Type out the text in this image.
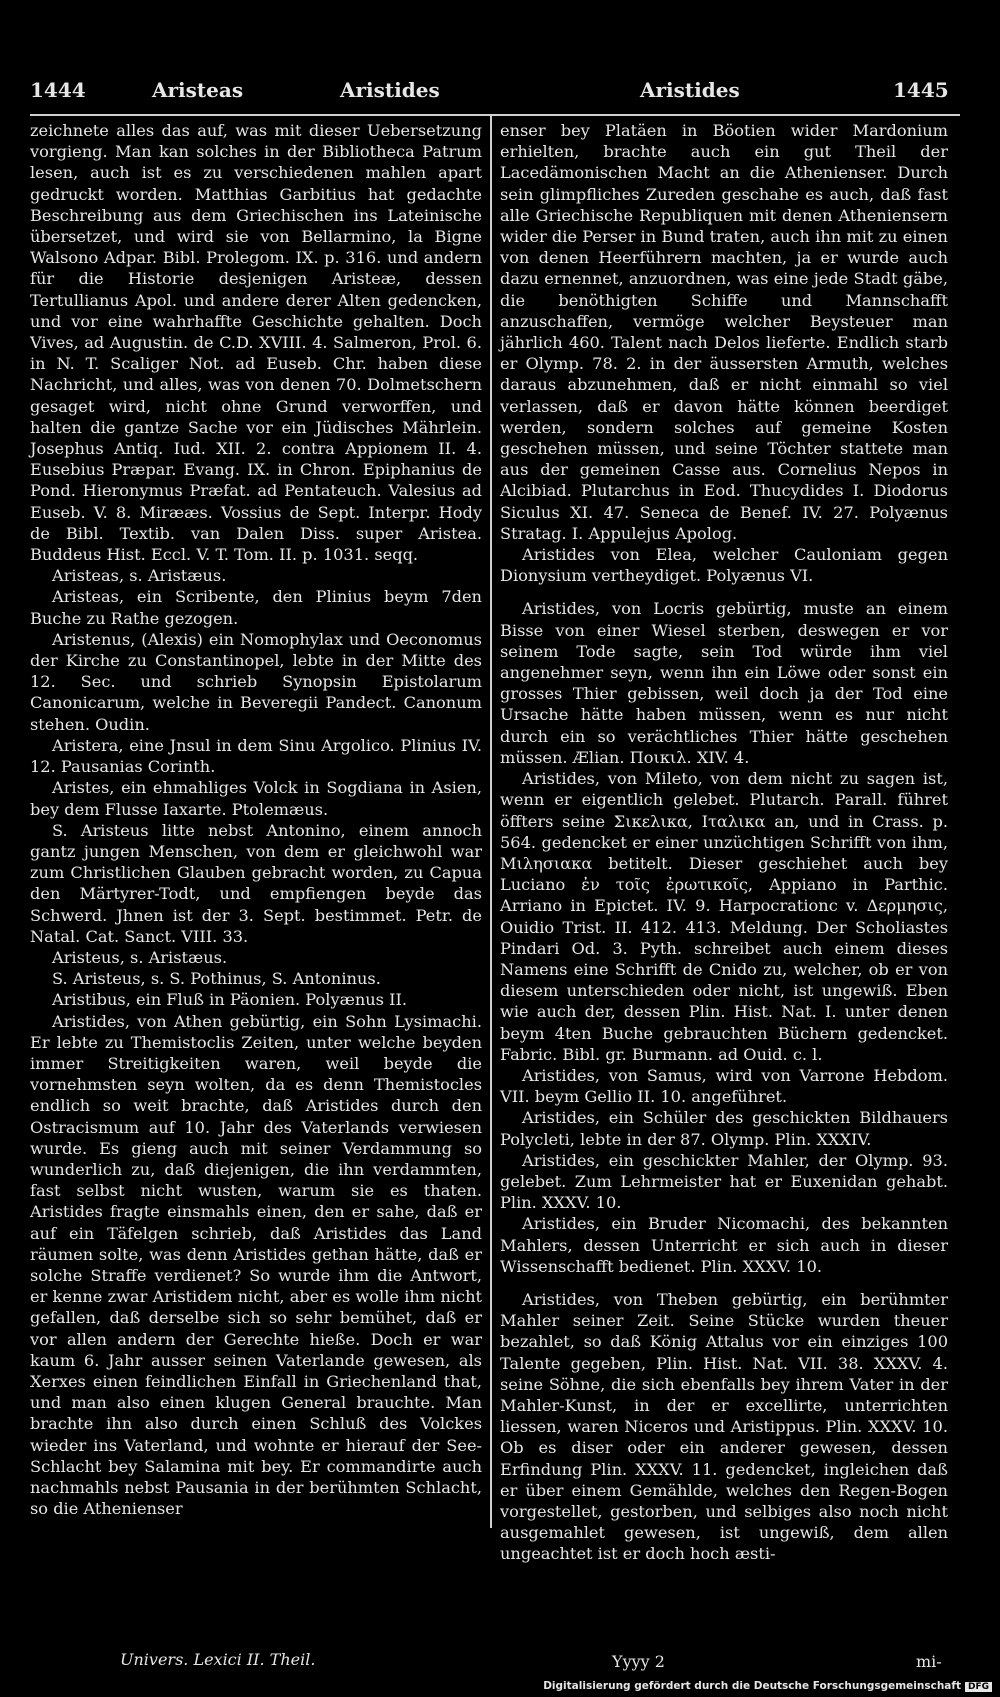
1444	Aristeas	Aristides	Aristides	1445

zeichnete alles das auf, was mit dieser Uebersetzung vorgieng. Man kan solches in der Bibliotheca Patrum lesen, auch ist es zu verschiedenen mahlen apart gedruckt worden. Matthias Garbitius hat gedachte Beschreibung aus dem Griechischen ins Lateinische übersetzet, und wird sie von Bellarmino, la Bigne Walsono Adpar. Bibl. Prolegom. IX. p. 316. und andern für die Historie desjenigen Aristeæ, dessen Tertullianus Apol. und andere derer Alten gedencken, und vor eine wahrhaffte Geschichte gehalten. Doch Vives, ad Augustin. de C.D. XVIII. 4. Salmeron, Prol. 6. in N. T. Scaliger Not. ad Euseb. Chr. haben diese Nachricht, und alles, was von denen 70. Dolmetschern gesaget wird, nicht ohne Grund verworffen, und halten die gantze Sache vor ein Jüdisches Mährlein. Josephus Antiq. Iud. XII. 2. contra Appionem II. 4. Eusebius Præpar. Evang. IX. in Chron. Epiphanius de Pond. Hieronymus Præfat. ad Pentateuch. Valesius ad Euseb. V. 8. Mirææs. Vossius de Sept. Interpr. Hody de Bibl. Textib. van Dalen Diss. super Aristea. Buddeus Hist. Eccl. V. T. Tom. II. p. 1031. seqq.

Aristeas, s. Aristæus.

Aristeas, ein Scribente, den Plinius beym 7den Buche zu Rathe gezogen.

Aristenus, (Alexis) ein Nomophylax und Oeconomus der Kirche zu Constantinopel, lebte in der Mitte des 12. Sec. und schrieb Synopsin Epistolarum Canonicarum, welche in Beveregii Pandect. Canonum stehen. Oudin.

Aristera, eine Jnsul in dem Sinu Argolico. Plinius IV. 12. Pausanias Corinth.

Aristes, ein ehmahliges Volck in Sogdiana in Asien, bey dem Flusse Iaxarte. Ptolemæus.

S. Aristeus litte nebst Antonino, einem annoch gantz jungen Menschen, von dem er gleichwohl war zum Christlichen Glauben gebracht worden, zu Capua den Märtyrer-Todt, und empfiengen beyde das Schwerd. Jhnen ist der 3. Sept. bestimmet. Petr. de Natal. Cat. Sanct. VIII. 33.

Aristeus, s. Aristæus.

S. Aristeus, s. S. Pothinus, S. Antoninus.

Aristibus, ein Fluß in Päonien. Polyænus II.

Aristides, von Athen gebürtig, ein Sohn Lysimachi. Er lebte zu Themistoclis Zeiten, unter welche beyden immer Streitigkeiten waren, weil beyde die vornehmsten seyn wolten, da es denn Themistocles endlich so weit brachte, daß Aristides durch den Ostracismum auf 10. Jahr des Vaterlands verwiesen wurde. Es gieng auch mit seiner Verdammung so wunderlich zu, daß diejenigen, die ihn verdammten, fast selbst nicht wusten, warum sie es thaten. Aristides fragte einsmahls einen, den er sahe, daß er auf ein Täfelgen schrieb, daß Aristides das Land räumen solte, was denn Aristides gethan hätte, daß er solche Straffe verdienet? So wurde ihm die Antwort, er kenne zwar Aristidem nicht, aber es wolle ihm nicht gefallen, daß derselbe sich so sehr bemühet, daß er vor allen andern der Gerechte hieße. Doch er war kaum 6. Jahr ausser seinen Vaterlande gewesen, als Xerxes einen feindlichen Einfall in Griechenland that, und man also einen klugen General brauchte. Man brachte ihn also durch einen Schluß des Volckes wieder ins Vaterland, und wohnte er hierauf der See-Schlacht bey Salamina mit bey. Er commandirte auch nachmahls nebst Pausania in der berühmten Schlacht, so die Athenienser

Univers. Lexici II. Theil.

enser bey Platäen in Böotien wider Mardonium erhielten, brachte auch ein gut Theil der Lacedämonischen Macht an die Athenienser. Durch sein glimpfliches Zureden geschahe es auch, daß fast alle Griechische Republiquen mit denen Atheniensern wider die Perser in Bund traten, auch ihn mit zu einen von denen Heerführern machten, ja er wurde auch dazu ernennet, anzuordnen, was eine jede Stadt gäbe, die benöthigten Schiffe und Mannschafft anzuschaffen, vermöge welcher Beysteuer man jährlich 460. Talent nach Delos lieferte. Endlich starb er Olymp. 78. 2. in der äussersten Armuth, welches daraus abzunehmen, daß er nicht einmahl so viel verlassen, daß er davon hätte können beerdiget werden, sondern solches auf gemeine Kosten geschehen müssen, und seine Töchter stattete man aus der gemeinen Casse aus. Cornelius Nepos in Alcibiad. Plutarchus in Eod. Thucydides I. Diodorus Siculus XI. 47. Seneca de Benef. IV. 27. Polyænus Stratag. I. Appulejus Apolog.

Aristides von Elea, welcher Cauloniam gegen Dionysium vertheydiget. Polyænus VI.

Aristides, von Locris gebürtig, muste an einem Bisse von einer Wiesel sterben, deswegen er vor seinem Tode sagte, sein Tod würde ihm viel angenehmer seyn, wenn ihn ein Löwe oder sonst ein grosses Thier gebissen, weil doch ja der Tod eine Ursache hätte haben müssen, wenn es nur nicht durch ein so verächtliches Thier hätte geschehen müssen. Ælian. Ποικιλ. XIV. 4.

Aristides, von Mileto, von dem nicht zu sagen ist, wenn er eigentlich gelebet. Plutarch. Parall. führet öffters seine Σικελικα, Ιταλικα an, und in Crass. p. 564. gedencket er einer unzüchtigen Schrifft von ihm, Μιλησιακα betitelt. Dieser geschiehet auch bey Luciano ἐν τοῖς ἐρωτικοῖς, Appiano in Parthic. Arriano in Epictet. IV. 9. Harpocrationc v. Δερμησις, Ouidio Trist. II. 412. 413. Meldung. Der Scholiastes Pindari Od. 3. Pyth. schreibet auch einem dieses Namens eine Schrifft de Cnido zu, welcher, ob er von diesem unterschieden oder nicht, ist ungewiß. Eben wie auch der, dessen Plin. Hist. Nat. I. unter denen beym 4ten Buche gebrauchten Büchern gedencket. Fabric. Bibl. gr. Burmann. ad Ouid. c. l.

Aristides, von Samus, wird von Varrone Hebdom. VII. beym Gellio II. 10. angeführet.

Aristides, ein Schüler des geschickten Bildhauers Polycleti, lebte in der 87. Olymp. Plin. XXXIV.

Aristides, ein geschickter Mahler, der Olymp. 93. gelebet. Zum Lehrmeister hat er Euxenidan gehabt. Plin. XXXV. 10.

Aristides, ein Bruder Nicomachi, des bekannten Mahlers, dessen Unterricht er sich auch in dieser Wissenschafft bedienet. Plin. XXXV. 10.

Aristides, von Theben gebürtig, ein berühmter Mahler seiner Zeit. Seine Stücke wurden theuer bezahlet, so daß König Attalus vor ein einziges 100 Talente gegeben, Plin. Hist. Nat. VII. 38. XXXV. 4. seine Söhne, die sich ebenfalls bey ihrem Vater in der Mahler-Kunst, in der er excellirte, unterrichten liessen, waren Niceros und Aristippus. Plin. XXXV. 10. Ob es diser oder ein anderer gewesen, dessen Erfindung Plin. XXXV. 11. gedencket, ingleichen daß er über einem Gemählde, welches den Regen-Bogen vorgestellet, gestorben, und selbiges also noch nicht ausgemahlet gewesen, ist ungewiß, dem allen ungeachtet ist er doch hoch æsti-

Yyyy 2	mi-
Digitalisierung gefördert durch die Deutsche Forschungsgemeinschaft DFG
